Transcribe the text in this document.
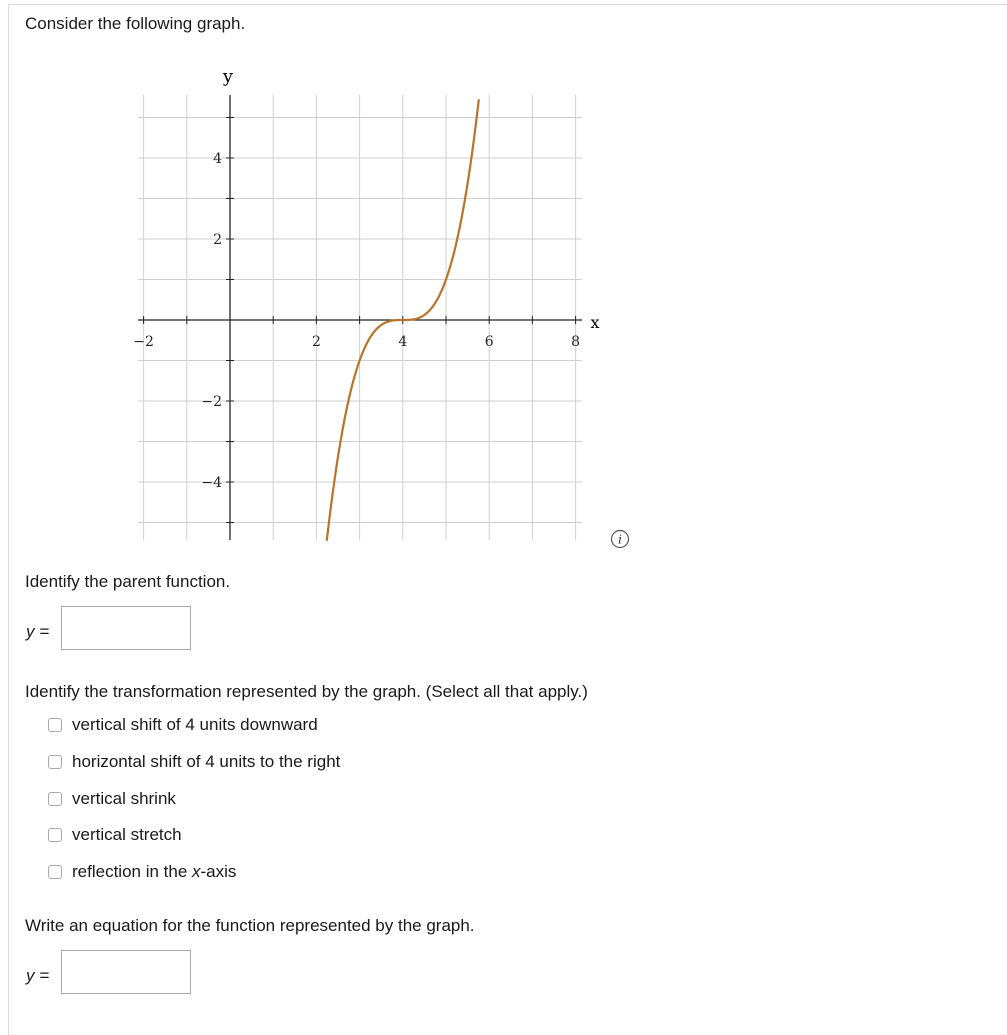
Consider the following graph.
−2	2	4	6	8
4
2
−2
−4
x
y
i
Identify the parent function.
y =
Identify the transformation represented by the graph. (Select all that apply.)
vertical shift of 4 units downward
horizontal shift of 4 units to the right
vertical shrink
vertical stretch
reflection in the x-axis
Write an equation for the function represented by the graph.
y =
